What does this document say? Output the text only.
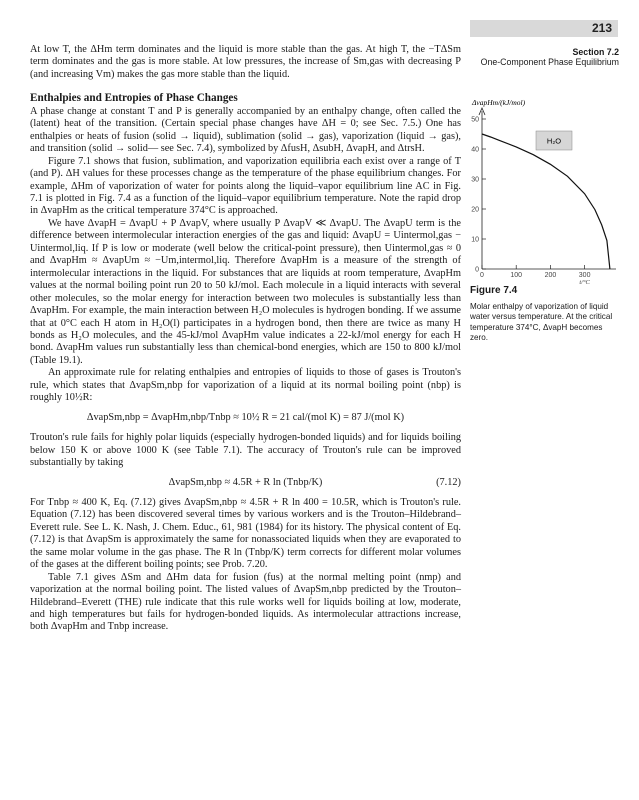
213
Section 7.2
One-Component Phase Equilibrium

At low T, the ΔHm term dominates and the liquid is more stable than the gas. At high T, the −TΔSm term dominates and the gas is more stable. At low pressures, the increase of Sm,gas with decreasing P (and increasing Vm) makes the gas more stable than the liquid.

Enthalpies and Entropies of Phase Changes

A phase change at constant T and P is generally accompanied by an enthalpy change, often called the (latent) heat of the transition. (Certain special phase changes have ΔH = 0; see Sec. 7.5.) One has enthalpies or heats of fusion (solid → liquid), sublimation (solid → gas), vaporization (liquid → gas), and transition (solid → solid— see Sec. 7.4), symbolized by ΔfusH, ΔsubH, ΔvapH, and ΔtrsH.

Figure 7.1 shows that fusion, sublimation, and vaporization equilibria each exist over a range of T (and P). ΔH values for these processes change as the temperature of the phase equilibrium changes. For example, ΔHm of vaporization of water for points along the liquid–vapor equilibrium line AC in Fig. 7.1 is plotted in Fig. 7.4 as a function of the liquid–vapor equilibrium temperature. Note the rapid drop in ΔvapHm as the critical temperature 374°C is approached.

We have ΔvapH = ΔvapU + P ΔvapV, where usually P ΔvapV ≪ ΔvapU. The ΔvapU term is the difference between intermolecular interaction energies of the gas and liquid: ΔvapU = Uintermol,gas − Uintermol,liq. If P is low or moderate (well below the critical-point pressure), then Uintermol,gas ≈ 0 and ΔvapHm ≈ ΔvapUm ≈ −Um,intermol,liq. Therefore ΔvapHm is a measure of the strength of intermolecular interactions in the liquid. For substances that are liquids at room temperature, ΔvapHm values at the normal boiling point run 20 to 50 kJ/mol. Each molecule in a liquid interacts with several other molecules, so the molar energy for interaction between two molecules is substantially less than ΔvapHm. For example, the main interaction between H₂O molecules is hydrogen bonding. If we assume that at 0°C each H atom in H₂O(l) participates in a hydrogen bond, then there are twice as many H bonds as H₂O molecules, and the 45-kJ/mol ΔvapHm value indicates a 22-kJ/mol energy for each H bond. ΔvapHm values run substantially less than chemical-bond energies, which are 150 to 800 kJ/mol (Table 19.1).

An approximate rule for relating enthalpies and entropies of liquids to those of gases is Trouton's rule, which states that ΔvapSm,nbp for vaporization of a liquid at its normal boiling point (nbp) is roughly 10½R:

ΔvapSm,nbp = ΔvapHm,nbp/Tnbp ≈ 10½ R = 21 cal/(mol K) = 87 J/(mol K)

Trouton's rule fails for highly polar liquids (especially hydrogen-bonded liquids) and for liquids boiling below 150 K or above 1000 K (see Table 7.1). The accuracy of Trouton's rule can be improved substantially by taking

ΔvapSm,nbp ≈ 4.5R + R ln (Tnbp/K)	(7.12)

For Tnbp ≈ 400 K, Eq. (7.12) gives ΔvapSm,nbp ≈ 4.5R + R ln 400 = 10.5R, which is Trouton's rule. Equation (7.12) has been discovered several times by various workers and is the Trouton–Hildebrand–Everett rule. See L. K. Nash, J. Chem. Educ., 61, 981 (1984) for its history. The physical content of Eq. (7.12) is that ΔvapSm is approximately the same for nonassociated liquids when they are evaporated to the same molar volume in the gas phase. The R ln (Tnbp/K) term corrects for different molar volumes of the gases at the different boiling points; see Prob. 7.20.

Table 7.1 gives ΔSm and ΔHm data for fusion (fus) at the normal melting point (nmp) and vaporization at the normal boiling point. The listed values of ΔvapSm,nbp predicted by the Trouton–Hildebrand–Everett (THE) rule indicate that this rule works well for liquids boiling at low, moderate, and high temperatures but fails for hydrogen-bonded liquids. As intermolecular attractions increase, both ΔvapHm and Tnbp increase.

ΔvapHm/(kJ/mol)
0
10
20
30
40
50
0	100	200	300
t/°C
H₂O
Figure 7.4
Molar enthalpy of vaporization of liquid water versus temperature. At the critical temperature 374°C, ΔvapH becomes zero.
